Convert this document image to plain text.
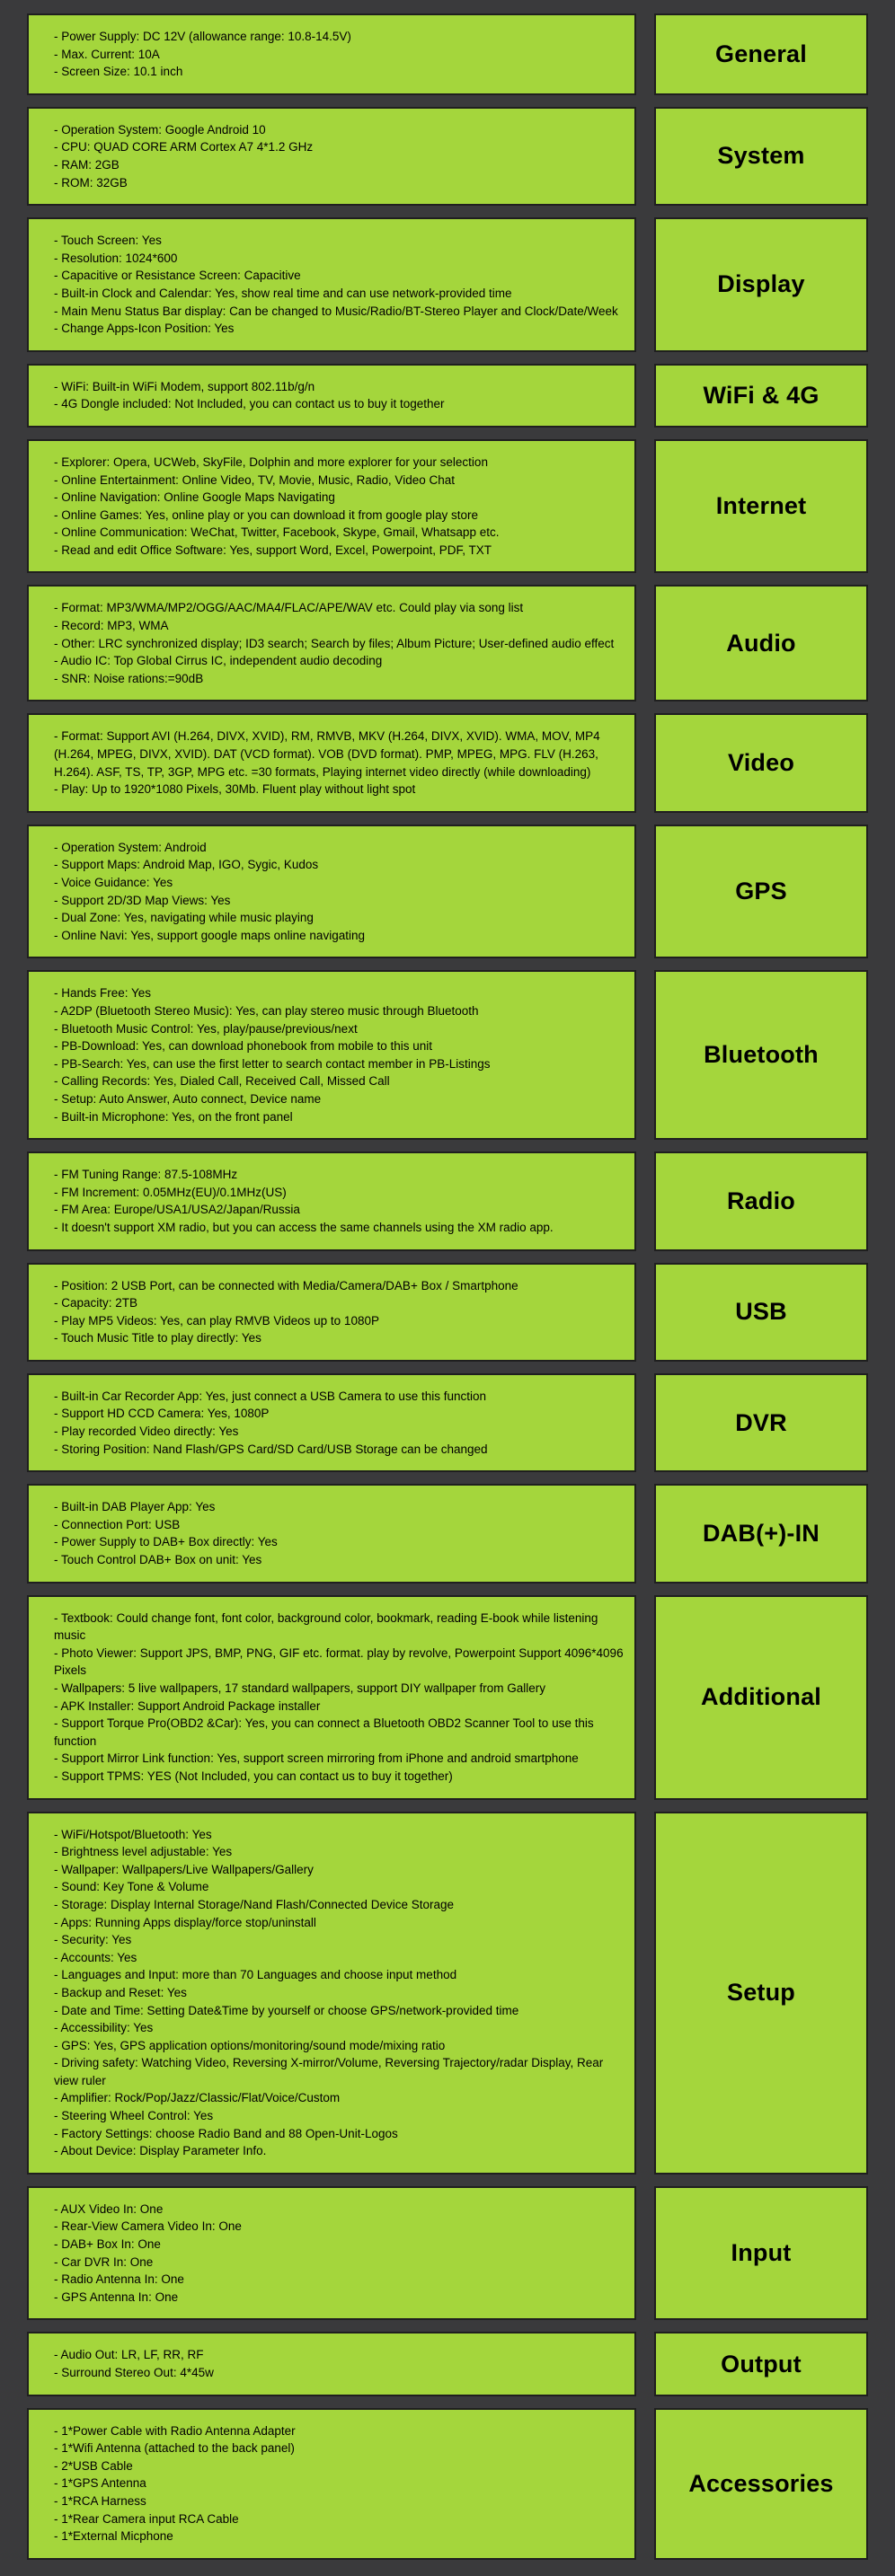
- Power Supply: DC 12V (allowance range: 10.8-14.5V)
- Max. Current: 10A
- Screen Size: 10.1 inch
General
- Operation System: Google Android 10
- CPU: QUAD CORE ARM Cortex A7 4*1.2 GHz
- RAM: 2GB
- ROM: 32GB
System
- Touch Screen: Yes
- Resolution: 1024*600
- Capacitive or Resistance Screen: Capacitive
- Built-in Clock and Calendar: Yes, show real time and can use network-provided time
- Main Menu Status Bar display: Can be changed to Music/Radio/BT-Stereo Player and Clock/Date/Week
- Change Apps-Icon Position: Yes
Display
- WiFi: Built-in WiFi Modem, support 802.11b/g/n
- 4G Dongle included: Not Included, you can contact us to buy it together	WiFi & 4G
- Explorer: Opera, UCWeb, SkyFile, Dolphin and more explorer for your selection
- Online Entertainment: Online Video, TV, Movie, Music, Radio, Video Chat
- Online Navigation: Online Google Maps Navigating
- Online Games: Yes, online play or you can download it from google play store
- Online Communication: WeChat, Twitter, Facebook, Skype, Gmail, Whatsapp etc.
- Read and edit Office Software: Yes, support Word, Excel, Powerpoint, PDF, TXT
Internet
- Format: MP3/WMA/MP2/OGG/AAC/MA4/FLAC/APE/WAV etc. Could play via song list
- Record: MP3, WMA
- Other: LRC synchronized display; ID3 search; Search by files; Album Picture; User-defined audio effect
- Audio IC: Top Global Cirrus IC, independent audio decoding
- SNR: Noise rations:=90dB
Audio
- Format: Support AVI (H.264, DIVX, XVID), RM, RMVB, MKV (H.264, DIVX, XVID). WMA, MOV, MP4 (H.264, MPEG, DIVX, XVID). DAT (VCD format). VOB (DVD format). PMP, MPEG, MPG. FLV (H.263, H.264). ASF, TS, TP, 3GP, MPG etc. =30 formats, Playing internet video directly (while downloading)
- Play: Up to 1920*1080 Pixels, 30Mb. Fluent play without light spot
Video
- Operation System: Android
- Support Maps: Android Map, IGO, Sygic, Kudos
- Voice Guidance: Yes
- Support 2D/3D Map Views: Yes
- Dual Zone: Yes, navigating while music playing
- Online Navi: Yes, support google maps online navigating
GPS
- Hands Free: Yes
- A2DP (Bluetooth Stereo Music): Yes, can play stereo music through Bluetooth
- Bluetooth Music Control: Yes, play/pause/previous/next
- PB-Download: Yes, can download phonebook from mobile to this unit
- PB-Search: Yes, can use the first letter to search contact member in PB-Listings
- Calling Records: Yes, Dialed Call, Received Call, Missed Call
- Setup: Auto Answer, Auto connect, Device name
- Built-in Microphone: Yes, on the front panel
Bluetooth
- FM Tuning Range: 87.5-108MHz
- FM Increment: 0.05MHz(EU)/0.1MHz(US)
- FM Area: Europe/USA1/USA2/Japan/Russia
- It doesn't support XM radio, but you can access the same channels using the XM radio app.
Radio
- Position: 2 USB Port, can be connected with Media/Camera/DAB+ Box / Smartphone
- Capacity: 2TB
- Play MP5 Videos: Yes, can play RMVB Videos up to 1080P
- Touch Music Title to play directly: Yes
USB
- Built-in Car Recorder App: Yes, just connect a USB Camera to use this function
- Support HD CCD Camera: Yes, 1080P
- Play recorded Video directly: Yes
- Storing Position: Nand Flash/GPS Card/SD Card/USB Storage can be changed
DVR
- Built-in DAB Player App: Yes
- Connection Port: USB
- Power Supply to DAB+ Box directly: Yes
- Touch Control DAB+ Box on unit: Yes
DAB(+)-IN
- Textbook: Could change font, font color, background color, bookmark, reading E-book while listening music
- Photo Viewer: Support JPS, BMP, PNG, GIF etc. format. play by revolve, Powerpoint Support 4096*4096 Pixels
- Wallpapers: 5 live wallpapers, 17 standard wallpapers, support DIY wallpaper from Gallery
- APK Installer: Support Android Package installer
- Support Torque Pro(OBD2 &Car): Yes, you can connect a Bluetooth OBD2 Scanner Tool to use this function
- Support Mirror Link function: Yes, support screen mirroring from iPhone and android smartphone
- Support TPMS: YES (Not Included, you can contact us to buy it together)
Additional
- WiFi/Hotspot/Bluetooth: Yes
- Brightness level adjustable: Yes
- Wallpaper: Wallpapers/Live Wallpapers/Gallery
- Sound: Key Tone & Volume
- Storage: Display Internal Storage/Nand Flash/Connected Device Storage
- Apps: Running Apps display/force stop/uninstall
- Security: Yes
- Accounts: Yes
- Languages and Input: more than 70 Languages and choose input method
- Backup and Reset: Yes
- Date and Time: Setting Date&Time by yourself or choose GPS/network-provided time
- Accessibility: Yes
- GPS: Yes, GPS application options/monitoring/sound mode/mixing ratio
- Driving safety: Watching Video, Reversing X-mirror/Volume, Reversing Trajectory/radar Display, Rear view ruler
- Amplifier: Rock/Pop/Jazz/Classic/Flat/Voice/Custom
- Steering Wheel Control: Yes
- Factory Settings: choose Radio Band and 88 Open-Unit-Logos
- About Device: Display Parameter Info.
Setup
- AUX Video In: One
- Rear-View Camera Video In: One
- DAB+ Box In: One
- Car DVR In: One
- Radio Antenna In: One
- GPS Antenna In: One
Input
- Audio Out: LR, LF, RR, RF
- Surround Stereo Out: 4*45w	Output
- 1*Power Cable with Radio Antenna Adapter
- 1*Wifi Antenna (attached to the back panel)
- 2*USB Cable
- 1*GPS Antenna
- 1*RCA Harness
- 1*Rear Camera input RCA Cable
- 1*External Micphone
Accessories
